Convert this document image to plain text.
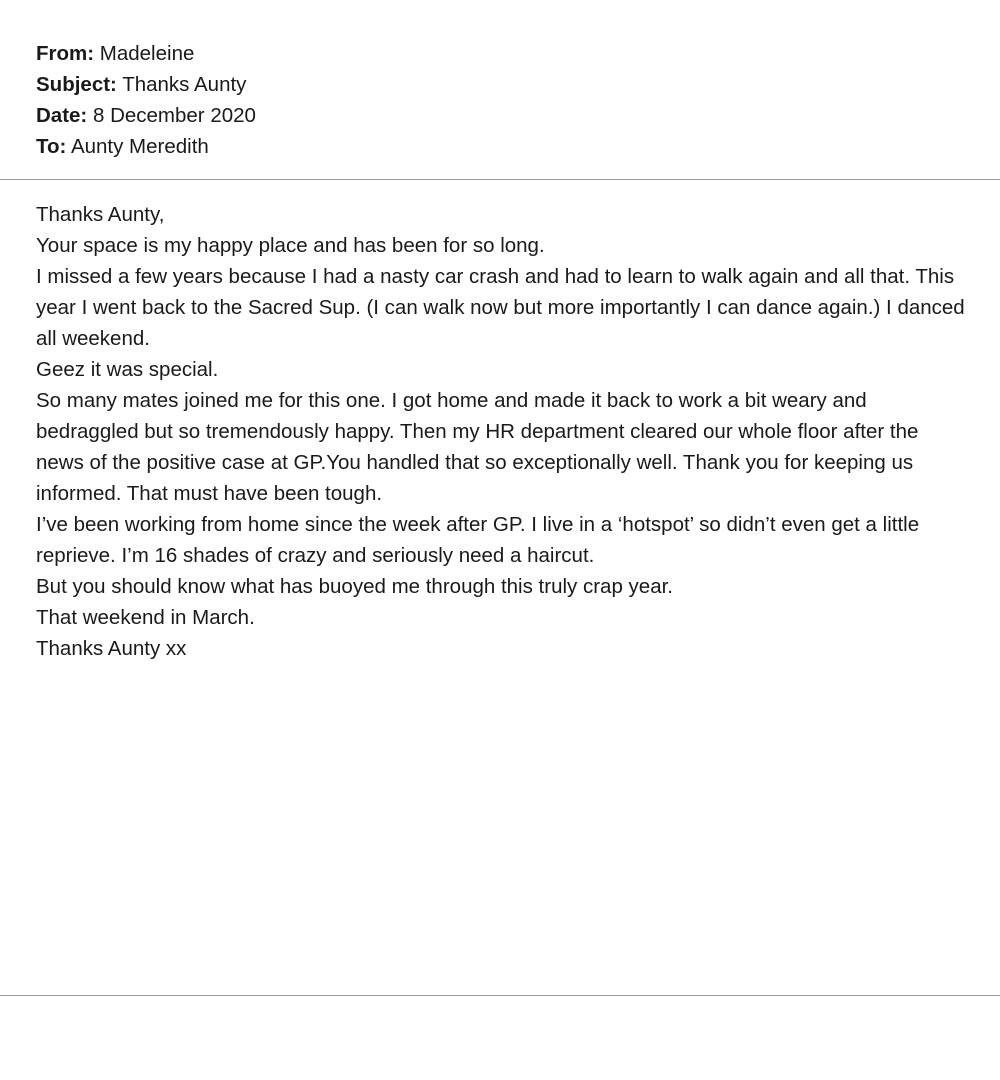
From: Madeleine
Subject: Thanks Aunty
Date: 8 December 2020
To: Aunty Meredith

Thanks Aunty,

Your space is my happy place and has been for so long.

I missed a few years because I had a nasty car crash and had to learn to walk again and all that. This year I went back to the Sacred Sup. (I can walk now but more importantly I can dance again.) I danced all weekend.

Geez it was special.

So many mates joined me for this one. I got home and made it back to work a bit weary and bedraggled but so tremendously happy. Then my HR department cleared our whole floor after the news of the positive case at GP.You handled that so exceptionally well. Thank you for keeping us informed. That must have been tough.

I’ve been working from home since the week after GP. I live in a ‘hotspot’ so didn’t even get a little reprieve. I’m 16 shades of crazy and seriously need a haircut.

But you should know what has buoyed me through this truly crap year.

That weekend in March.

Thanks Aunty xx
